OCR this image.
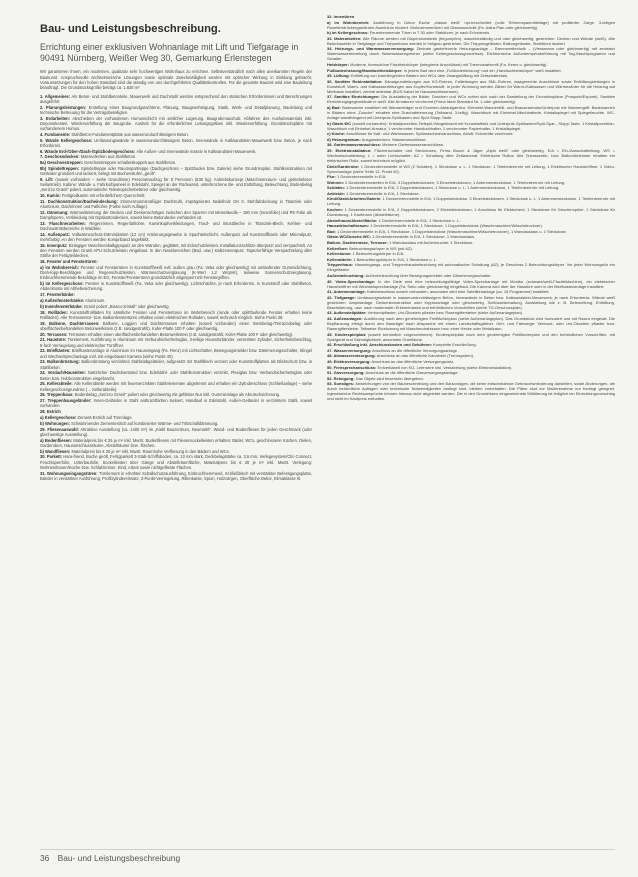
Bau- und Leistungsbeschreibung.
Errichtung einer exklusiven Wohnanlage mit Lift und Tiefgarage in 90491 Nürnberg, Weißer Weg 30, Gemarkung Erlenstegen
Wir garantieren Ihnen, ein modernes, qualitativ sehr hochwertiges Wohnhaus zu errichten. Selbstverständlich nach allen anerkannten Regeln der Baukunst. Anspruchsvolle architektonische Lösungen sowie optimale Zweckmäßigkeit werden mit optischer Wirkung in Einklang gebracht. Voraussetzungen für den hohen Standard sind die ständig von uns durchgeführten Qualitätskontrollen. Für die gesamte Bauzeit wird eine Bauleitung beauftragt. Die Grundstücksgröße beträgt ca. 1.826 m².
1. Allgemeines: Als Beton- und Stahlbetonteile, Mauerwerk und Dachstuhl werden entsprechend den statischen Erfordernissen und Berechnungen ausgeführt.
2. Planungsleistungen: Erstellung eines Baugrundgutachtens, Planung, Baugenehmigung, Statik, Werk- und Detailplanung, Bauleitung und technische Betreuung für die Vertragsbeteiligten.
3. Erdarbeiten: Abschieben der vorhandenen Humusschicht mit seitlicher Lagerung. Baugrubenaushub. Abfahren des Aushubmaterials inkl. Deponiekosten. Wiederverfüllung der Baugrube. Aushub für die erforderlichen Leitungsgräben inkl. Wiederverfüllung. Grundstückspläne mit vorhandenem Humus.
4. Fundamente: Stahlbeton-Fundamentplatte aus wasserundurchlässigem Beton.
5. Wände Kellergeschoss: Umfassungswände in wasserundurchlässigem Beton. Innenwände in Kalksandstein-Mauerwerk bzw. Beton, je nach Erfordernis.
6. Wände Erd-/Ober-/Dach-/Spitzbodengeschoss: Alle Außen- und Innenwände massiv in Kalksandstein-Mauerwerk.
7. Geschossdecken: Massivdecken aus Stahlbeton.
8a) Geschosstreppen: Geschosstreppen schallentkoppelt aus Stahlbeton.
8b) Spindeltreppen: Spindeltreppe oder Raumspartreppe (Dachgeschoss – Spitzboden bzw. Galerie) siehe Grundrissplan. Stahlkonstruktion mit Geländer grundiert und lackiert, belegt mit Buchenstufen „geölt“.
9. Lift: (soweit vorhanden – siehe Grundrisse) Personenaufzug für 8 Personen (630 kg). Antriebskonzept (Maschinenraum- und getriebeloser Seilantrieb). Kabine: Wände u. Fahrkorbpaneel in Edelstahl, Spiegel an der Rückwand, unterbrochene Be- und Entlüftung, Beleuchtung, Bodenbelag „Serizzo Granit“ poliert, automatische Teleskopschiebetüren oder gleichwertig.
10. Kamin: Fertigteilkamin mit erforderlichem Querschnitt.
11. Dachkonstruktion/Dacheindeckung: Zimmermannsmäßiger Dachstuhl, imprägniertes Nadelholz GK II. Stehfalzdeckung in Titanzink oder Aluminium, Dachrinnen und Fallrohre (Farbe nach Auflage).
12. Dämmung: Wärmedämmung der Decken und Deckenschrägen zwischen den Sparren mit Mineralwolle – 180 mm (Innenfolie) und PE-Folie als Dampfsperre, Verkleidung mit Gipskartondecken, soweit keine Betondecke vorhanden ist.
13. Flaschnerarbeiten: Regenrinnen, Regenfallrohre, Kaminkopfverkleidungen, Trauf- und Brustbleche in Titanzink-Blech, Kehlen- und Dachaustrittsbereiche in Walzblei.
14. Außenputz: Vollwärmeschutz-Dämmplatten (12 cm) Armierungsgewebe in Spachtelschicht, Außenputz auf Kunststoffbasis oder Mineralputz, mehrfarbig. An den Fenstern werden Kompriband angeklebt.
15. Innenputz: Einlagiger Maschinenkalkgipsputz an den Wänden, geglättet, mit Eckschutzleisten, Installationsschlitze überputzt und verspachtelt. An den Fenstern werden Granit APU-Schutzleisten eingebaut. In den Nassbereichen (Bad, usw.) Kalkzementputz. Tapezierfähige Verspachtelung aller Stöße der Fertigteildecken.
16. Fenster und Fenstertüren:
a) im Wohnbereich: Fenster und Fenstertüren in Kunststoff/weiß evtl. außen grau (Fa. Veka oder gleichwertig) mit umlaufender Gummidichtung, Dreh-Kipp-Beschlägen und Regenschutzleisten, Wärmeschutzverglasung (K-Wert 1,2 W/qmK), teilweise Sonnenschutzverglasung. Einbruchhemmende Beschläge im EG, Fenster/Fenstertüren grundsätzlich abgesperrt mit Fenstergriffen.
b) im Kellergeschoss: Fenster in Kunststoff/weiß (Fa. Veka oder gleichwertig), Lichtschächte, je nach Erfordernis, in Kunststoff oder Stahlbeton, Abdeckroste mit Abhebesicherung.
17. Fensterbänke:
a) Außenfensterbänke: Aluminium.
b) Innenfensterbänke: Granit poliert „Bianco kristall“ oder gleichwertig.
18. Rollläden: Kunststoffrollläden für sämtliche Fenster und Fenstertüren im Wohnbereich (runde oder splittfaufende Fenster erhalten keine Rollläden). Alle Terrassentür- bzw. Balkonfenstertüren erhalten einen elektrischen Rolladen, soweit technisch möglich. Siehe Punkt 39.
19. Balkone, Dachterrassen: Balkone, Loggien und Dachterrassen erhalten (soweit vorhanden) einen Steinbelag-/Terrazzobelag oder oberflächenbehandelten Betonwerkstein (z.B. sandgestrahlt), Kufer-Platte 100 F oder gleichwertig.
20. Terrassen: Terrassen erhalten einen oberflächenbehandelten Betonwerkstein (z.B. sandgestrahlt, Kufer-Platte 100 F oder gleichwertig).
21. Haustüre: Türelement, Ausführung in Aluminium mit Verbundsicherheitsglas, 3-teilige Hausstürbänder, versenkter Zylinder, Sicherheitsbeschlag, 5-fach Verriegelung und elektrischer Türöffner.
22. Briefkästen: Briefkastenanlage in Aluminium im Hauseingang (Fa. Renz) mit Lichtschalter, Bewegungsmelder bzw. Dämmerungsschalter, Klingel und Wechselsprechanlage evtl. mit eingebauter Kamera (siehe Punkt 40).
23. Balkonbrüstung: Balkonbrüstung verzinktes Stahlstabgeländer, aufgesetzt mit Stahlblech verziert oder Kunststoffplatten als Blickschutz bzw. in Stahlbeton.
24. Vordach/Hauseiten: Natürlicher Dachüberstand bzw. Edelstahl- oder Stahlkonstruktion verzinkt, Plexiglas bzw. Verbundsicherheitsglas oder Beton bzw. Holzkonstruktion eingebracht.
25. Kellerabteile: Alle Kellerabteile werden mit feuerverzinkten Stahlelementen abgetrennt und erhalten ein Zylinderschloss (Schließanlage) – siehe Kellergeschossgrundriss (→ Kellerabteile).
26. Treppenhaus: Bodenbelag „Serizzo Granit“ poliert oder gleichwertig mit gefälster Nut inkl. Gummieinlage als Abrutschsicherung.
27. Treppenhausgeländer: Innen-Geländer in Stahl anthrazitfarben lackiert, Handlauf in Edelstahl, Außen-Geländer in verzinktem Stahl, soweit vorhanden.
28. Estrich
a) Kellergeschoss: Zement-Estrich auf Trennlage.
b) Wohnungen: Schwimmender Zementestrich auf kombinierter Wärme- und Trittschalldämmung.
29. Fliesenauswahl: Attraktive Ausstellung (ca. 1400 m²) im „Kiebl Bauzentrum, Neumarkt“. Wand- und Bodenfliesen für jeden Geschmack (oder gleichwertige Ausstellung).
a) Bodenfliesen: Materialpreis bis € 25 je m² inkl. MwSt. Bodenfliesen mit Fliesensockelleisten erhalten: Bäder, WCs, geschlossene Küchen, Dielen, Garderoben, Hausanschlussräume, Abstellräume bzw. -flächen.
b) Wandfliesen: Materialpreis bis € 25 je m² inkl. MwSt. Raumhohe Verfliesung in den Bädern und WCs.
30. Parkett: Hara-friend, Buche geölt, Fertigparkett 3-Stab-Schiffsboden, ca. 13 mm stark, Deckbelagstärke ca. 3,6 mm, Verlegesystem/Clic-Connect, Feuchtsperrfolie, Unterbaufolie, Sockelleisten über Gänge und Abstellräumfläche, Materialpreis bis € 30 je m² inkl. MwSt. Verlegung: Wohnen/Essen/Küche bzw. Schlafzimmer, Kind, Arbeit sowie nichtgeflieste Flächen.
31. Wohnungseingangstüren: Türelement in erhöhter Schallschutzausführung, Einbruchhemmend, Schließblech mit verstärkter Befestigungsplatte, Bänder in verstärkter Ausführung, Profilzylindereinsatz, 3-Punkt-Verriegelung, Rillenkante, Spion, Holzzargen, Oberfläche Dekor, Klimaklasse III.
32. Innentüren
a) im Wohnbereich: Ausführung in Dekor Esche „classic weiß“ hpl-beschichtet (volle Röhrenspanmittellage) mit profilierter Zarge, 3-teiligen Rosettendrückergarnituren Aluminium eloxiert. Wohnzimmertüren mit Glasausschnitt (Fa. Astra-Plan oder gleichwertig).
b) im Kellergeschoss: Feuerhemmende Türen in T 30 oder Stahltüren, je nach Erfordernis.
33. Malerarbeiten: Alle Räume werden mit Dispersionsfarbe (tiegumpfen), waschbeständig und oder gleichwertig, gestrichen. Decken und Wände (weiß). Alle Betonbauteile in Tiefgarage und Treppenhaus werden in hellgrau gestrichen. Die Treppengeländer, Balkongeländer, Stahltüren lackiert.
34. Heizungs- und Warmwasserversorgung: Zentrale gasbefeuerte Heizungsanlage – Brennwerttechnik – (Viessmann oder gleichwertig) mit zentraler Warmwasserbereitung durch Warmwasserspeicher (siehe Kellergeschossgrundrisse). Elektronische Außentemperaturführung mit Tag-/Nachtprogramm und Schalter.
Heizkörper: Moderne, formschöne Flachheizkörper (integrierte Anschlüsse) mit Thermostatventil (Fa. Kermi o. gleichwertig).
Fußbodenheizung/Handtuchheizkörper: In jedem Bad wird eine „Fußbodenheizung“ und ein „Handtuchheizkörper“ weiß installiert.
35. Lüftung: Entlüftung von innenliegenden Bädern und WCs über Zwangslüftung mit Zeitschaltrelais.
36. Sanitäre Rohinstallation: Kanalgrundleitungen aus KG-Rohren, Fallleitungen aus SML-Rohren, waagerechte Anschlüsse sowie Entlüftungsleitungen in Kunststoff, Warm- und Kaltwasserleitungen aus Kupfer/Kunststoff. In jeder Wohnung werden Zähler für Warm-/Kaltwasser und Wärmezähler für die Heizung auf Mietbasis installiert, zentral ablesbar (BUS-Kabel im Hausanschlussraum).
37. Sanitäre Einrichtungen: Die Ausstattung der Bäder, Duschen und WCs richtet sich nach der Darstellung der Grundrisspläne (Prospekt/Exposé). Sanitäre Einrichtungsgegenstände in weiß. Alle Armaturen verchromt (Firma Ideal Standard Nr. 1 oder gleichwertig).
a) Bad: Badewanne emailliert mit Wannenträger und Excenter-Ablaufgarnitur, Einhebel-Wannenfüll- und Brausearmatur/Unterputz mit Wannengriff. Badewannen in Bädern ohne „Dusche“ erhalten eine Duschabtrennung (Teilwand, 3-teilig). Waschtisch mit Einhebel-Mischbatterie, Kristallspiegel mit Spiegelleuchte. WC-Anlage wandhängend mit Unterputz-Spülkasten und Spül-Stopp-Taste.
b) Gäste-WC (soweit vorhanden): Kristallporzellan-Tiefspül-Hängeklosett mit Kunststoffsitz und Unterputz-Spülkasten/Spül-Spar-, Stopp-Taste, 1 Kristallporzellan-Waschtisch mit Einhebel-Armatur, 1 verchromter Handtuchhalter, 1 verchromter Papierhalter, 1 Kristallspiegel.
c) Küche: Anschlüsse für Kalt- und Warmwasser, Spülmaschinenanschluss, Abluft, Eckventile verchromt.
d) Heizungsraum: Ausgussbecken, Wasseranschlüsse.
38. Gartenwasseranschluss: Mehrere Gartenwasseranschlüsse.
39. Elektroinstallation: Flächenschalter und Steckdosen, Firma Busch & Jäger „Alpin weiß“ oder gleichwertig. E/A = Ein-/Ausschaltleitung; WS = Wechselschaltleitung; L = unter Lichtschalter; AZ = Schaltung über Zeitautomat. Elektrische Rollos: Alle Terrassentür- bzw. Balkontürfenster erhalten ein elektrisches Rollo, soweit technisch möglich.
Diele/Garderobe: 1 Deckenbrennstelle in WS (2 Schalter), 1 Steckdose u. L, 1 Steckdose, 1 Telefonleerrohr mit Leitung, 1 Elektrischer Haustüröffner, 1 Video-Sprechanlage (siehe Seite 12, Punkt 40).
Flur: 1 Deckenbrennstelle in E/A.
Wohnen: 2 Deckenbrennstellen in E/A, 3 Doppelsteckdosen, 3 Einzelsteckdosen, 1 Antennensteckdose, 1 Telefonleerrohr mit Leitung.
Schlafen: 1 Deckenbrennstelle in E/A, 2 Doppelsteckdosen, 1 Steckdose u. L, 1 Antennensteckdose, 1 Telefonleerrohr mit Leitung.
Ankleide: 1 Deckenbrennstelle in E/A, 1 Steckdose.
Kind/Gäste/Arbeiten/Galerie: 1 Deckenbrennstelle in E/A, 1 Doppelsteckdose, 3 Einzelsteckdosen, 1 Steckdose u. L, 1 Antennensteckdose, 1 Telefonleerrohr mit Leitung.
Kochen: 1 Deckenbrennstelle in E/A, 2 Doppelsteckdosen, 2 Einzelsteckdosen, 1 Anschluss für Elektroherd, 1 Steckdose für Geschirrspüler, 1 Steckdose für Dunstabzug, 1 Kaufmann (Abstellräume).
Abstellraum/Abstellfläche: 1 Deckenbrennstelle in E/A, 1 Steckdose u. L.
Hauswirtschaftsraum: 1 Deckenbrennstelle in E/A, 1 Steckdose, 1 Doppelsteckdose (Waschmaschine/Wäschetrockner).
Bad: 1 Deckenbrennstelle in E/A, 1 Steckdose, 1 Doppelsteckdose (Waschmaschine/Wäschetrockner), 1 Wandauslass u. 1 Steckdose.
Gäste-WC/Dusche-WC: 1 Deckenbrennstelle in E/A, 1 Steckdose, 1 Wandauslass.
Balkon, Dachterrasse, Terrasse: 1 Wandauslass mit Außenleuchte, 1 Steckdose.
Kellerflure: Beleuchtungskörper in WS (mit AZ).
Kellerräume: 1 Beleuchtungskörper in E/A.
Kellerabteile: 1 Beleuchtungskörper in E/A, 1 Steckdose u. L.
Treppenhaus: Hauseingangs- und Treppenhausbeleuchtung mit automatischer Schaltung (AZ), je Geschoss 2 Beleuchtungskörper. Vor jeder Wohnungstür ein Klingeltaster.
Außenbeleuchtung: Außenbeleuchtung über Bewegungsmelder oder Dämmerungsschalter.
40. Video-Sprechanlage: In der Diele wird eine beleuchtungsfähige Video-Sprechanlage mit Monitor (schwarz/weiß-Flachbildschirm), ein elektrischer Haustüröffner mit Wechselsprechanlage (Fa. Seko oder gleichwertig) eingebaut. Die Kamera wird über der Haustüre oder in der Briefkastenanlage installiert.
41. Antennenanlage: Kabelanschluss soweit vorhanden, ansonsten wird eine Satellitenanlage (ca. 16 Programme) installiert.
42. Tiefgarage: Umfassungswände in wasserundurchlässigem Beton, Innenwände in Beton bzw. Kalksandstein-Mauerwerk, je nach Erfordernis. Wände weiß gestrichen, Ampelanlage, Deckenkonstruktion oder Kipptoranlage oder gleichwertig, Schlüsselschaltung, Ausstattung wie z. B. Beleuchtung, Entlüftung, Beschilderung, usw. nach modernsten Erkenntnissen und behördlichen Vorschriften (siehe TG-Geschossplan).
43. Außenstellplätze: Verbundpflaster, Uni-Ökostein pflaster bzw. Rasengittersteine (siehe Außenanlageplan).
44. Außenanlagen: Ausführung nach dem genehmigten Freiflächenplan (siehe Außenanlageplan). Das Grundstück wird humusiert und mit Rasen eingesät. Die Bepflanzung erfolgt durch den Bauträger nach Absprache mit einem Landschaftsgärtner. Geh- und Fahrwege: Verbund- oder Uni-Ökostein pflaster bzw. Rasengittersteine. Teilweise Einzäunung mit Maschendrahtzaun bzw. einer Hecke oder Metallzaun.
45. Kinderspielplatz (soweit behördlich vorgeschrieben): Kinderspielplatz nach dem genehmigten Freiflächenplan und den behördlichen Vorschriften, mit Spielgerät und Sitzmöglichkeit, ansonsten Grünfläche.
46. Erschließung inkl. Anschlusskosten und Gebühren: Komplette Erschließung.
47. Wasserversorgung: Anschluss an die öffentliche Versorgungsanlage.
48. Abwasserentsorgung: Anschluss an das öffentliche Kanalnetz (Trennsystem).
49. Elektroversorgung: Anschluss an das öffentliche Versorgungsnetz.
50. Fernsprechanschluss: Erdverkabelt von KG, Leerrohre inkl. Verkabelung (siehe Elektroinstallation).
51. Gasversorgung: Anschluss an die öffentliche Gasversorgungsanlage.
52. Reinigung: Das Objekt wird besenrein übergeben.
53. Sonstiges: Abweichungen von der Baubeschreibung und den Bauvorlagen, die keine entscheidende Gebrauchsminderung darstellen, sowie Änderungen, die durch behördliche Auflagen oder technische Notwendigkeiten bedingt sind, bleiben vorbehalten. Die Pläne sind zur Maßentnahme nur bedingt geeignet. Irgendwelche Rechtsansprüche können hieraus nicht abgeleitet werden. Die in den Grundrissen eingezeichnete Möblierung ist lediglich ein Einrichtungsvorschlag und nicht im Kaufpreis enthalten.
36 Bau- und Leistungsbeschreibung
